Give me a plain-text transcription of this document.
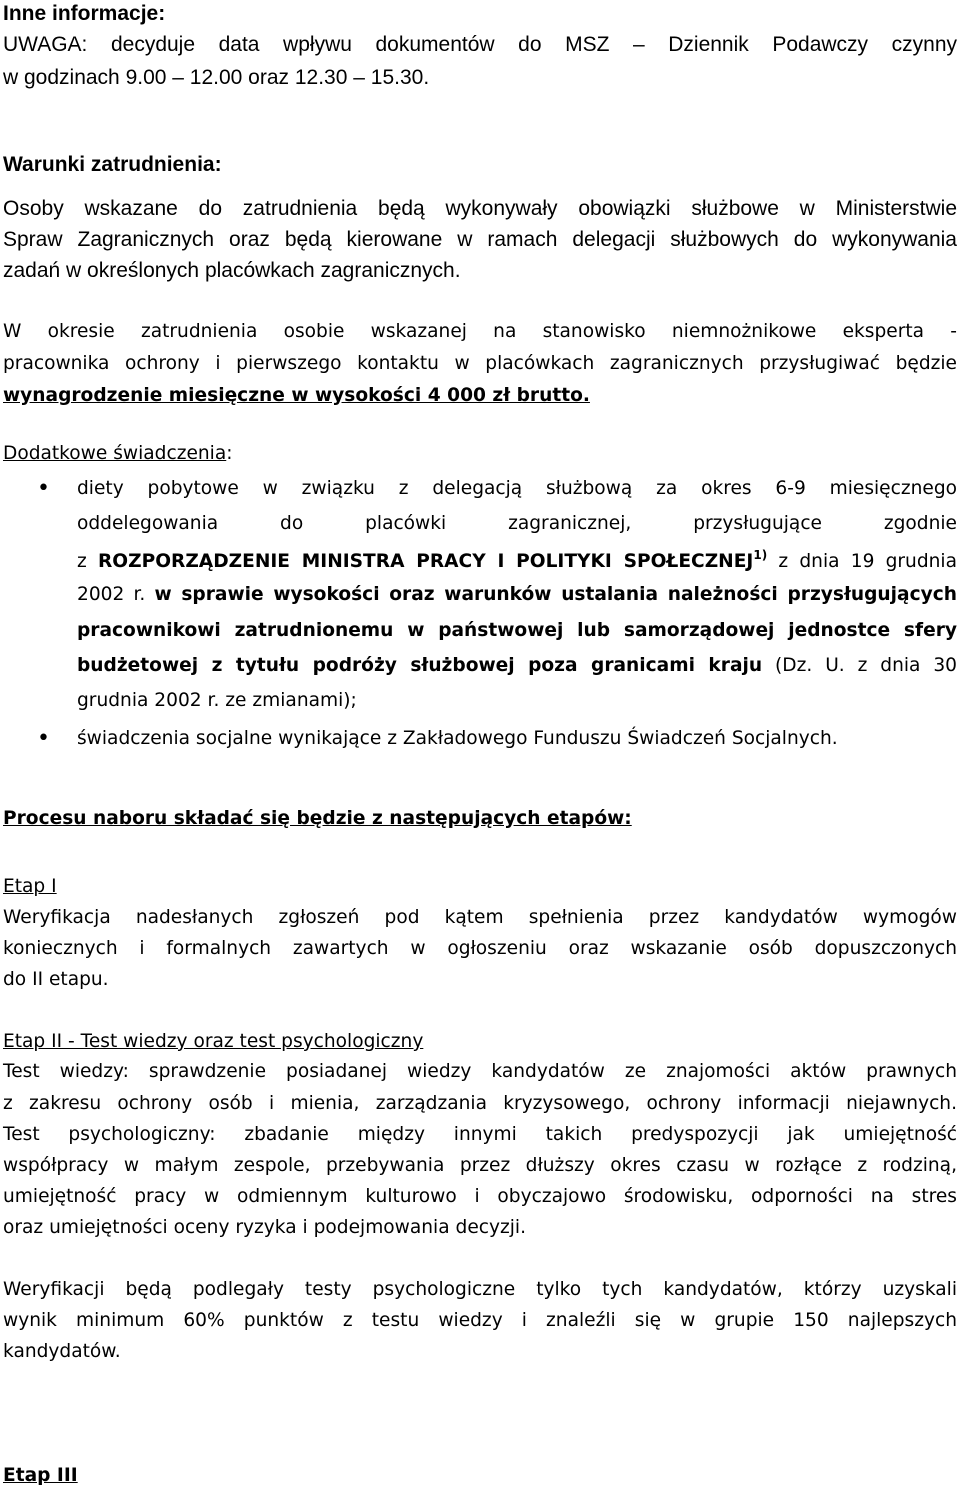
Inne informacje:
UWAGA: decyduje data wpływu dokumentów do MSZ – Dziennik Podawczy czynny
w godzinach 9.00 – 12.00 oraz 12.30 – 15.30.
Warunki zatrudnienia:
Osoby wskazane do zatrudnienia będą wykonywały obowiązki służbowe w Ministerstwie
Spraw Zagranicznych oraz będą kierowane w ramach delegacji służbowych do wykonywania
zadań w określonych placówkach zagranicznych.
W okresie zatrudnienia osobie wskazanej na stanowisko niemnożnikowe eksperta -
pracownika ochrony i pierwszego kontaktu w placówkach zagranicznych przysługiwać będzie
wynagrodzenie miesięczne w wysokości 4 000 zł brutto.
Dodatkowe świadczenia:
• diety pobytowe w związku z delegacją służbową za okres 6-9 miesięcznego
oddelegowania do placówki zagranicznej, przysługujące zgodnie
z ROZPORZĄDZENIE MINISTRA PRACY I POLITYKI SPOŁECZNEJ$^{1)}$ z dnia 19 grudnia
2002 r. w sprawie wysokości oraz warunków ustalania należności przysługujących
pracownikowi zatrudnionemu w państwowej lub samorządowej jednostce sfery
budżetowej z tytułu podróży służbowej poza granicami kraju (Dz. U. z dnia 30
grudnia 2002 r. ze zmianami);
• świadczenia socjalne wynikające z Zakładowego Funduszu Świadczeń Socjalnych.
Procesu naboru składać się będzie z następujących etapów:
Etap I
Weryfikacja nadesłanych zgłoszeń pod kątem spełnienia przez kandydatów wymogów
koniecznych i formalnych zawartych w ogłoszeniu oraz wskazanie osób dopuszczonych
do II etapu.
Etap II - Test wiedzy oraz test psychologiczny
Test wiedzy: sprawdzenie posiadanej wiedzy kandydatów ze znajomości aktów prawnych
z zakresu ochrony osób i mienia, zarządzania kryzysowego, ochrony informacji niejawnych.
Test psychologiczny: zbadanie między innymi takich predyspozycji jak umiejętność
współpracy w małym zespole, przebywania przez dłuższy okres czasu w rozłące z rodziną,
umiejętność pracy w odmiennym kulturowo i obyczajowo środowisku, odporności na stres
oraz umiejętności oceny ryzyka i podejmowania decyzji.
Weryfikacji będą podlegały testy psychologiczne tylko tych kandydatów, którzy uzyskali
wynik minimum 60% punktów z testu wiedzy i znaleźli się w grupie 150 najlepszych
kandydatów.
Etap III
